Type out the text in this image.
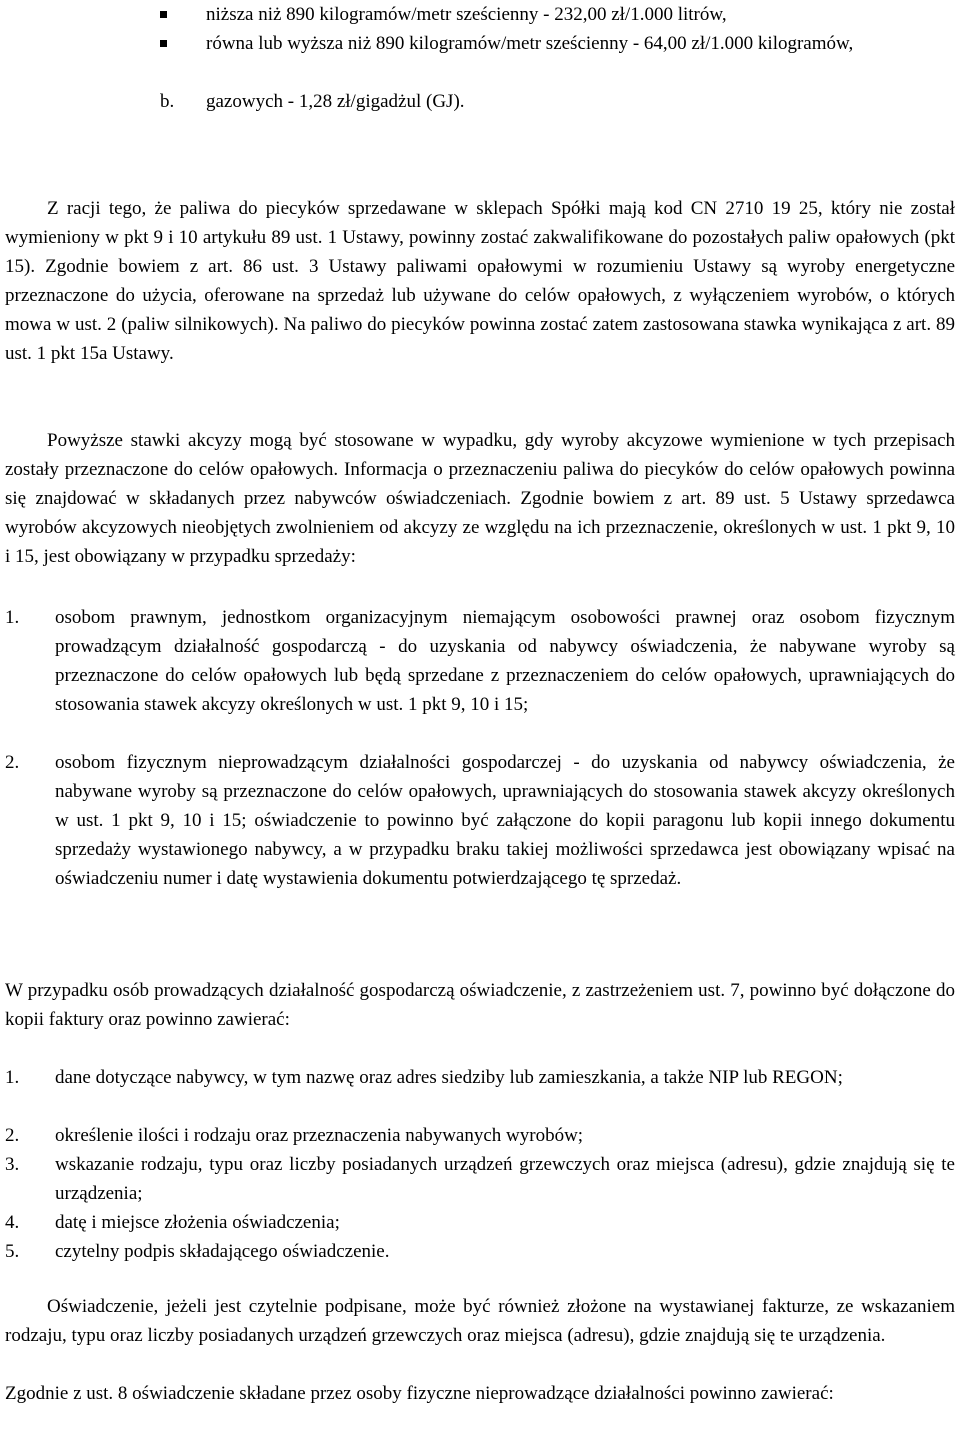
niższa niż 890 kilogramów/metr sześcienny - 232,00 zł/1.000 litrów,
równa lub wyższa niż 890 kilogramów/metr sześcienny - 64,00 zł/1.000 kilogramów,
b. gazowych - 1,28 zł/gigadżul (GJ).

Z racji tego, że paliwa do piecyków sprzedawane w sklepach Spółki mają kod CN 2710 19 25, który nie został wymieniony w pkt 9 i 10 artykułu 89 ust. 1 Ustawy, powinny zostać zakwalifikowane do pozostałych paliw opałowych (pkt 15). Zgodnie bowiem z art. 86 ust. 3 Ustawy paliwami opałowymi w rozumieniu Ustawy są wyroby energetyczne przeznaczone do użycia, oferowane na sprzedaż lub używane do celów opałowych, z wyłączeniem wyrobów, o których mowa w ust. 2 (paliw silnikowych). Na paliwo do piecyków powinna zostać zatem zastosowana stawka wynikająca z art. 89 ust. 1 pkt 15a Ustawy.

Powyższe stawki akcyzy mogą być stosowane w wypadku, gdy wyroby akcyzowe wymienione w tych przepisach zostały przeznaczone do celów opałowych. Informacja o przeznaczeniu paliwa do piecyków do celów opałowych powinna się znajdować w składanych przez nabywców oświadczeniach. Zgodnie bowiem z art. 89 ust. 5 Ustawy sprzedawca wyrobów akcyzowych nieobjętych zwolnieniem od akcyzy ze względu na ich przeznaczenie, określonych w ust. 1 pkt 9, 10 i 15, jest obowiązany w przypadku sprzedaży:

1. osobom prawnym, jednostkom organizacyjnym niemającym osobowości prawnej oraz osobom fizycznym prowadzącym działalność gospodarczą - do uzyskania od nabywcy oświadczenia, że nabywane wyroby są przeznaczone do celów opałowych lub będą sprzedane z przeznaczeniem do celów opałowych, uprawniających do stosowania stawek akcyzy określonych w ust. 1 pkt 9, 10 i 15;
2. osobom fizycznym nieprowadzącym działalności gospodarczej - do uzyskania od nabywcy oświadczenia, że nabywane wyroby są przeznaczone do celów opałowych, uprawniających do stosowania stawek akcyzy określonych w ust. 1 pkt 9, 10 i 15; oświadczenie to powinno być załączone do kopii paragonu lub kopii innego dokumentu sprzedaży wystawionego nabywcy, a w przypadku braku takiej możliwości sprzedawca jest obowiązany wpisać na oświadczeniu numer i datę wystawienia dokumentu potwierdzającego tę sprzedaż.

W przypadku osób prowadzących działalność gospodarczą oświadczenie, z zastrzeżeniem ust. 7, powinno być dołączone do kopii faktury oraz powinno zawierać:

1. dane dotyczące nabywcy, w tym nazwę oraz adres siedziby lub zamieszkania, a także NIP lub REGON;
2. określenie ilości i rodzaju oraz przeznaczenia nabywanych wyrobów;
3. wskazanie rodzaju, typu oraz liczby posiadanych urządzeń grzewczych oraz miejsca (adresu), gdzie znajdują się te urządzenia;
4. datę i miejsce złożenia oświadczenia;
5. czytelny podpis składającego oświadczenie.

Oświadczenie, jeżeli jest czytelnie podpisane, może być również złożone na wystawianej fakturze, ze wskazaniem rodzaju, typu oraz liczby posiadanych urządzeń grzewczych oraz miejsca (adresu), gdzie znajdują się te urządzenia.

Zgodnie z ust. 8 oświadczenie składane przez osoby fizyczne nieprowadzące działalności powinno zawierać:
